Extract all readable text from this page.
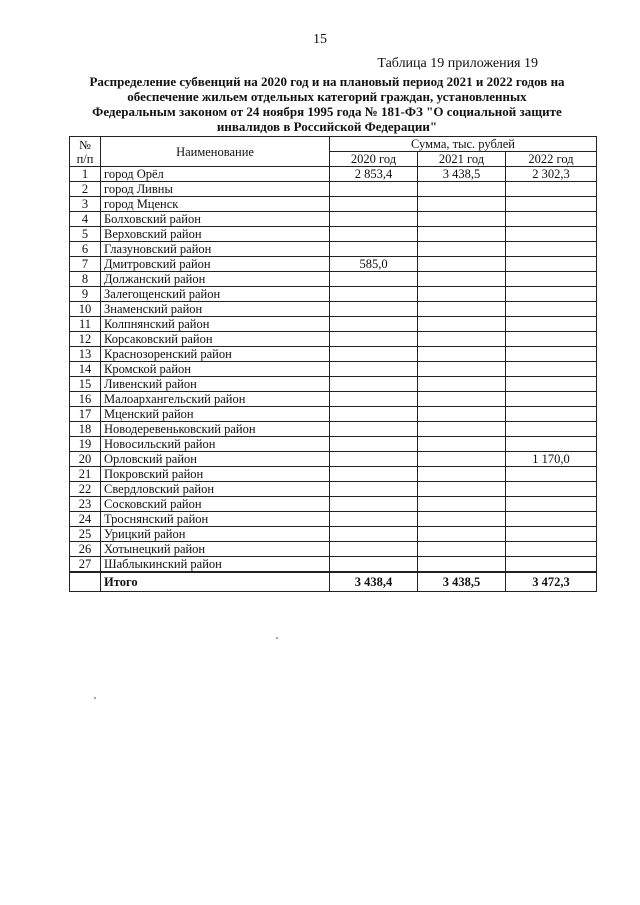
15
Таблица 19 приложения 19
Распределение субвенций на 2020 год и на плановый период 2021 и 2022 годов на обеспечение жильем отдельных категорий граждан, установленных Федеральным законом от 24 ноября 1995 года № 181-ФЗ "О социальной защите инвалидов в Российской Федерации"
№
п/п	Наименование	Сумма, тыс. рублей		
		2020 год	2021 год	2022 год
1	город Орёл	2 853,4	3 438,5	2 302,3
2	город Ливны			
3	город Мценск			
4	Болховский район			
5	Верховский район			
6	Глазуновский район			
7	Дмитровский район	585,0		
8	Должанский район			
9	Залегощенский район			
10	Знаменский район			
11	Колпнянский район			
12	Корсаковский район			
13	Краснозоренский район			
14	Кромской район			
15	Ливенский район			
16	Малоархангельский район			
17	Мценский район			
18	Новодеревеньковский район			
19	Новосильский район			
20	Орловский район			1 170,0
21	Покровский район			
22	Свердловский район			
23	Сосковский район			
24	Троснянский район			
25	Урицкий район			
26	Хотынецкий район			
27	Шаблыкинский район			
	Итого	3 438,4	3 438,5	3 472,3
